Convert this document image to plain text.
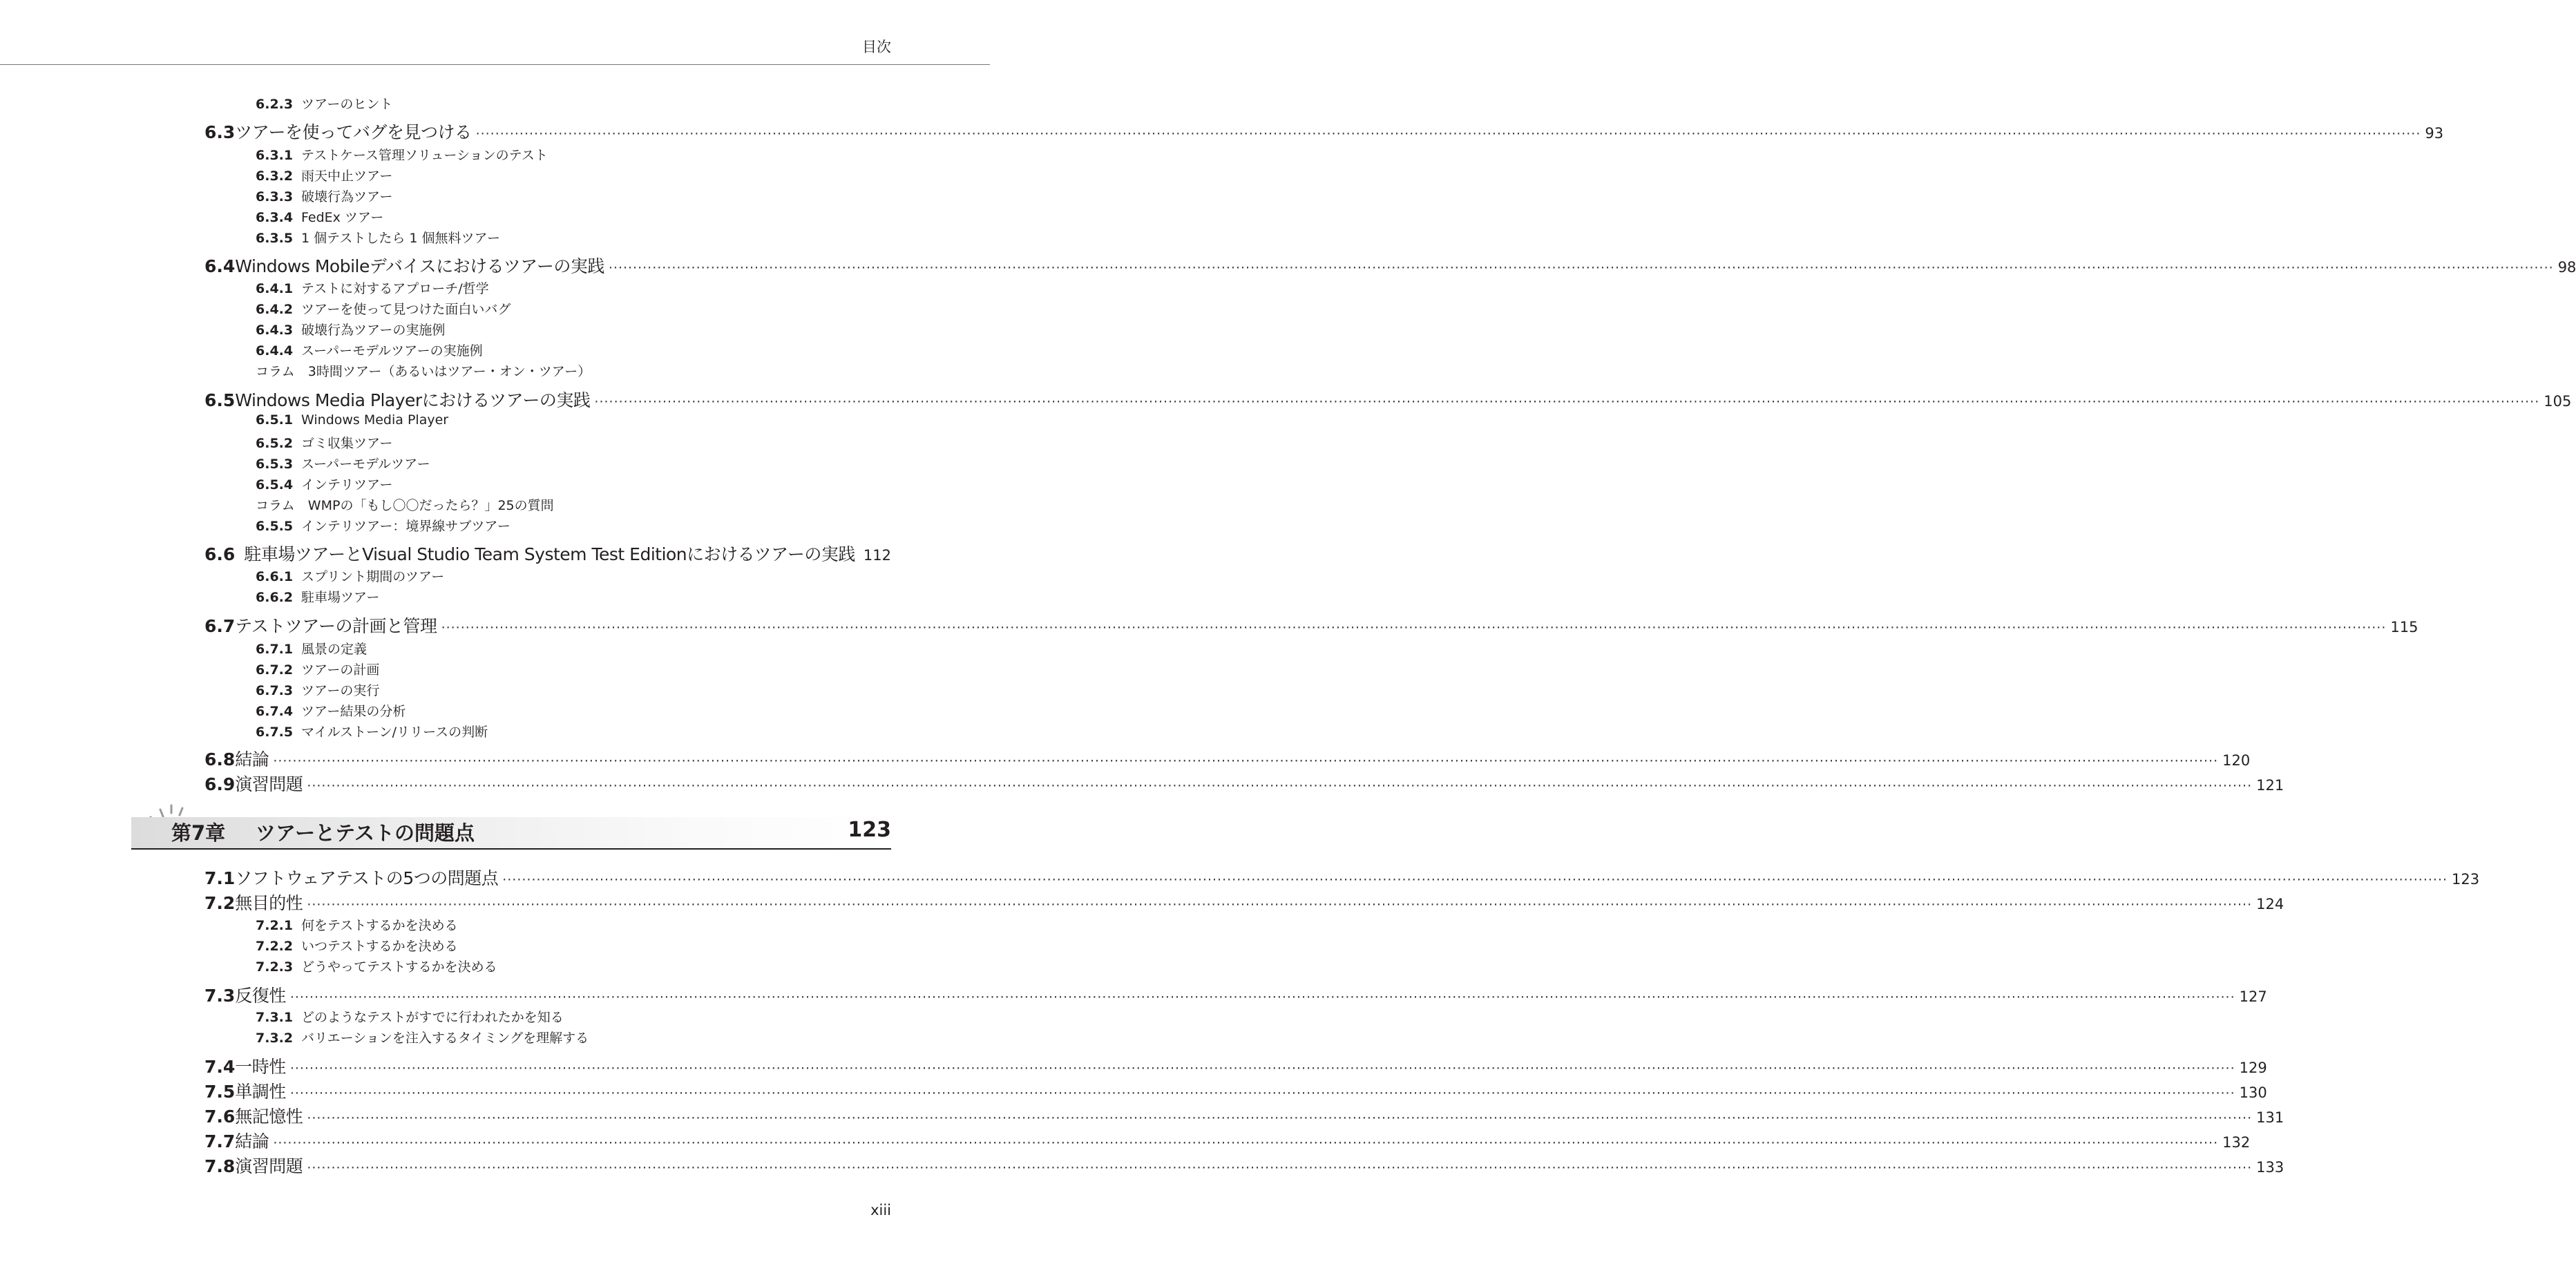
目次
6.2.3 ツアーのヒント
6.3 ツアーを使ってバグを見つける ················································································································································································································································································································································································································ 93
6.3.1 テストケース管理ソリューションのテスト
6.3.2 雨天中止ツアー
6.3.3 破壊行為ツアー
6.3.4 FedEx ツアー
6.3.5 1 個テストしたら 1 個無料ツアー
6.4 Windows Mobileデバイスにおけるツアーの実践 ················································································································································································································································································································································································································ 98
6.4.1 テストに対するアプローチ/哲学
6.4.2 ツアーを使って見つけた面白いバグ
6.4.3 破壊行為ツアーの実施例
6.4.4 スーパーモデルツアーの実施例
コラム　3時間ツアー（あるいはツアー・オン・ツアー）
6.5 Windows Media Playerにおけるツアーの実践 ················································································································································································································································································································································································································ 105
6.5.1 Windows Media Player
6.5.2 ゴミ収集ツアー
6.5.3 スーパーモデルツアー
6.5.4 インテリツアー
コラム　WMPの「もし〇〇だったら？」25の質問
6.5.5 インテリツアー：境界線サブツアー
6.6 駐車場ツアーとVisual Studio Team System Test Editionにおけるツアーの実践 112
6.6.1 スプリント期間のツアー
6.6.2 駐車場ツアー
6.7 テストツアーの計画と管理 ················································································································································································································································································································································································································ 115
6.7.1 風景の定義
6.7.2 ツアーの計画
6.7.3 ツアーの実行
6.7.4 ツアー結果の分析
6.7.5 マイルストーン/リリースの判断
6.8 結論 ················································································································································································································································································································································································································ 120
6.9 演習問題 ················································································································································································································································································································································································································ 121
7.1 ソフトウェアテストの5つの問題点 ················································································································································································································································································································································································································ 123
7.2 無目的性 ················································································································································································································································································································································································································ 124
7.2.1 何をテストするかを決める
7.2.2 いつテストするかを決める
7.2.3 どうやってテストするかを決める
7.3 反復性 ················································································································································································································································································································································································································ 127
7.3.1 どのようなテストがすでに行われたかを知る
7.3.2 バリエーションを注入するタイミングを理解する
7.4 一時性 ················································································································································································································································································································································································································ 129
7.5 単調性 ················································································································································································································································································································································································································ 130
7.6 無記憶性 ················································································································································································································································································································································································································ 131
7.7 結論 ················································································································································································································································································································································································································ 132
7.8 演習問題 ················································································································································································································································································································································································································ 133
第7章 ツアーとテストの問題点	123
xiii
